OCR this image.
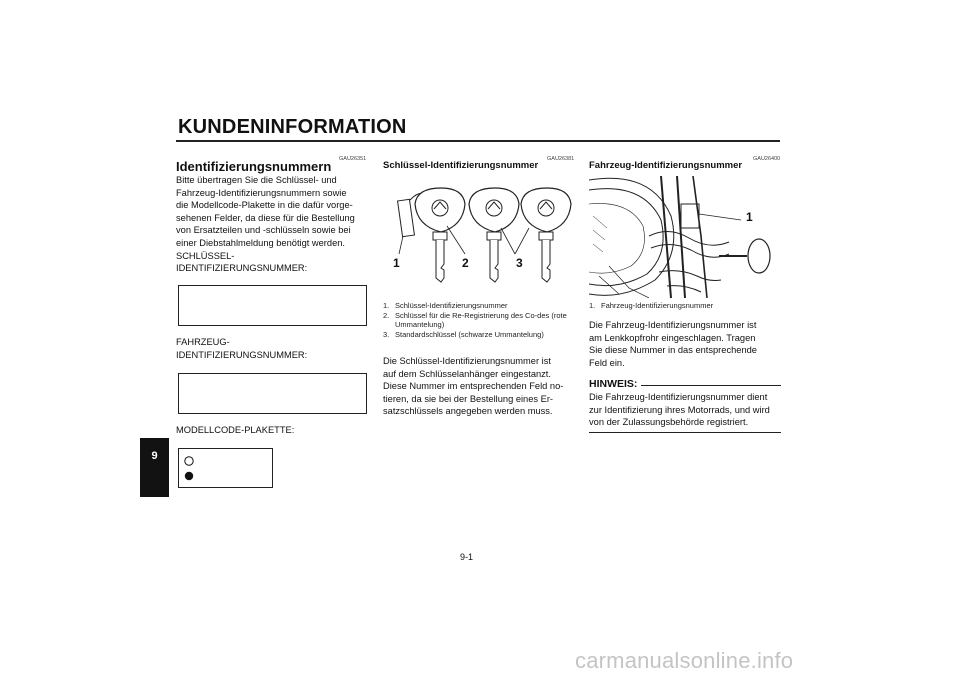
KUNDENINFORMATION
9
GAU26351
Identifizierungsnummern
Bitte übertragen Sie die Schlüssel- und
Fahrzeug-Identifizierungsnummern sowie
die Modellcode-Plakette in die dafür vorge-
sehenen Felder, da diese für die Bestellung
von Ersatzteilen und -schlüsseln sowie bei
einer Diebstahlmeldung benötigt werden.
SCHLÜSSEL-
IDENTIFIZIERUNGSNUMMER:
FAHRZEUG-
IDENTIFIZIERUNGSNUMMER:
MODELLCODE-PLAKETTE:
GAU26381
Schlüssel-Identifizierungsnummer
1	2	3
1. Schlüssel-Identifizierungsnummer
2. Schlüssel für die Re-Registrierung des Co-des (rote Ummantelung)
3. Standardschlüssel (schwarze Ummantelung)
Die Schlüssel-Identifizierungsnummer ist
auf dem Schlüsselanhänger eingestanzt.
Diese Nummer im entsprechenden Feld no-
tieren, da sie bei der Bestellung eines Er-
satzschlüssels angegeben werden muss.
GAU26400
Fahrzeug-Identifizierungsnummer
1
1. Fahrzeug-Identifizierungsnummer
Die Fahrzeug-Identifizierungsnummer ist
am Lenkkopfrohr eingeschlagen. Tragen
Sie diese Nummer in das entsprechende
Feld ein.
HINWEIS:
Die Fahrzeug-Identifizierungsnummer dient
zur Identifizierung ihres Motorrads, und wird
von der Zulassungsbehörde registriert.
9-1
carmanualsonline.info
